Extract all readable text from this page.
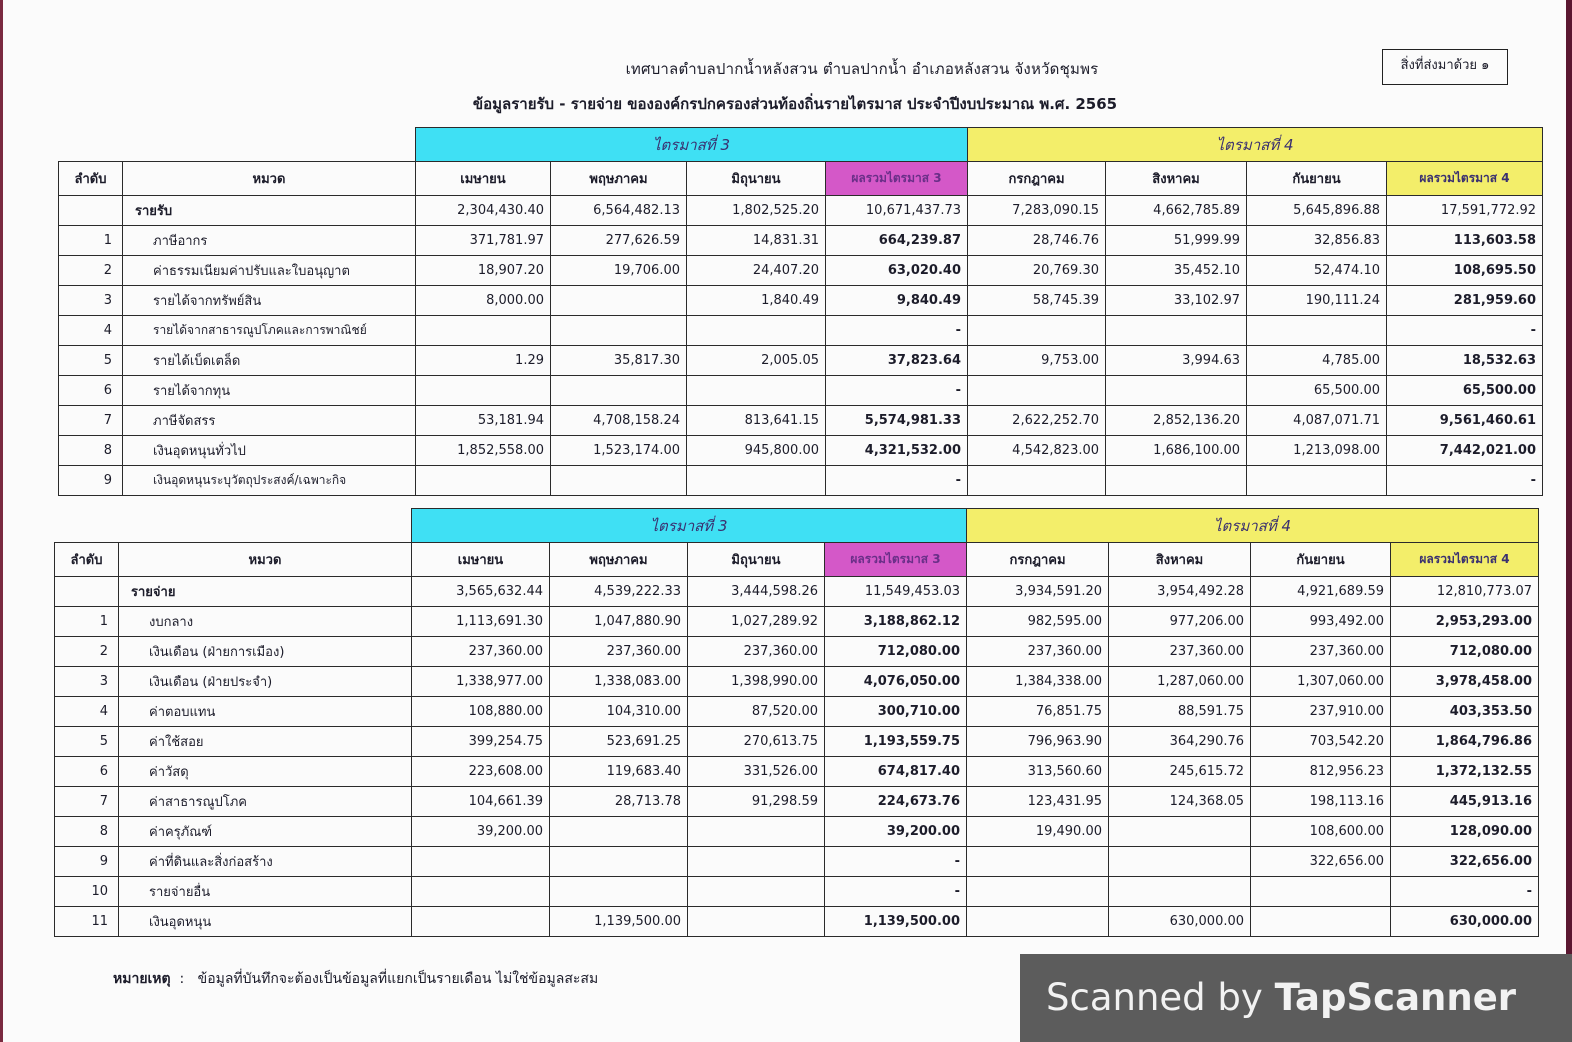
เทศบาลตำบลปากน้ำหลังสวน ตำบลปากน้ำ อำเภอหลังสวน จังหวัดชุมพร
ข้อมูลรายรับ - รายจ่าย ขององค์กรปกครองส่วนท้องถิ่นรายไตรมาส ประจำปีงบประมาณ พ.ศ. 2565
สิ่งที่ส่งมาด้วย ๑
		ไตรมาสที่ 3				ไตรมาสที่ 4			
ลำดับ	หมวด	เมษายน	พฤษภาคม	มิถุนายน	ผลรวมไตรมาส 3	กรกฎาคม	สิงหาคม	กันยายน	ผลรวมไตรมาส 4
	รายรับ	2,304,430.40	6,564,482.13	1,802,525.20	10,671,437.73	7,283,090.15	4,662,785.89	5,645,896.88	17,591,772.92
1	ภาษีอากร	371,781.97	277,626.59	14,831.31	664,239.87	28,746.76	51,999.99	32,856.83	113,603.58
2	ค่าธรรมเนียมค่าปรับและใบอนุญาต	18,907.20	19,706.00	24,407.20	63,020.40	20,769.30	35,452.10	52,474.10	108,695.50
3	รายได้จากทรัพย์สิน	8,000.00		1,840.49	9,840.49	58,745.39	33,102.97	190,111.24	281,959.60
4	รายได้จากสาธารณูปโภคและการพาณิชย์				-				-
5	รายได้เบ็ดเตล็ด	1.29	35,817.30	2,005.05	37,823.64	9,753.00	3,994.63	4,785.00	18,532.63
6	รายได้จากทุน				-			65,500.00	65,500.00
7	ภาษีจัดสรร	53,181.94	4,708,158.24	813,641.15	5,574,981.33	2,622,252.70	2,852,136.20	4,087,071.71	9,561,460.61
8	เงินอุดหนุนทั่วไป	1,852,558.00	1,523,174.00	945,800.00	4,321,532.00	4,542,823.00	1,686,100.00	1,213,098.00	7,442,021.00
9	เงินอุดหนุนระบุวัตถุประสงค์/เฉพาะกิจ				-				-
		ไตรมาสที่ 3				ไตรมาสที่ 4			
ลำดับ	หมวด	เมษายน	พฤษภาคม	มิถุนายน	ผลรวมไตรมาส 3	กรกฎาคม	สิงหาคม	กันยายน	ผลรวมไตรมาส 4
	รายจ่าย	3,565,632.44	4,539,222.33	3,444,598.26	11,549,453.03	3,934,591.20	3,954,492.28	4,921,689.59	12,810,773.07
1	งบกลาง	1,113,691.30	1,047,880.90	1,027,289.92	3,188,862.12	982,595.00	977,206.00	993,492.00	2,953,293.00
2	เงินเดือน (ฝ่ายการเมือง)	237,360.00	237,360.00	237,360.00	712,080.00	237,360.00	237,360.00	237,360.00	712,080.00
3	เงินเดือน (ฝ่ายประจำ)	1,338,977.00	1,338,083.00	1,398,990.00	4,076,050.00	1,384,338.00	1,287,060.00	1,307,060.00	3,978,458.00
4	ค่าตอบแทน	108,880.00	104,310.00	87,520.00	300,710.00	76,851.75	88,591.75	237,910.00	403,353.50
5	ค่าใช้สอย	399,254.75	523,691.25	270,613.75	1,193,559.75	796,963.90	364,290.76	703,542.20	1,864,796.86
6	ค่าวัสดุ	223,608.00	119,683.40	331,526.00	674,817.40	313,560.60	245,615.72	812,956.23	1,372,132.55
7	ค่าสาธารณูปโภค	104,661.39	28,713.78	91,298.59	224,673.76	123,431.95	124,368.05	198,113.16	445,913.16
8	ค่าครุภัณฑ์	39,200.00			39,200.00	19,490.00		108,600.00	128,090.00
9	ค่าที่ดินและสิ่งก่อสร้าง				-			322,656.00	322,656.00
10	รายจ่ายอื่น				-				-
11	เงินอุดหนุน		1,139,500.00		1,139,500.00		630,000.00		630,000.00
หมายเหตุ  :   ข้อมูลที่บันทึกจะต้องเป็นข้อมูลที่แยกเป็นรายเดือน ไม่ใช่ข้อมูลสะสม	Scanned by TapScanner
